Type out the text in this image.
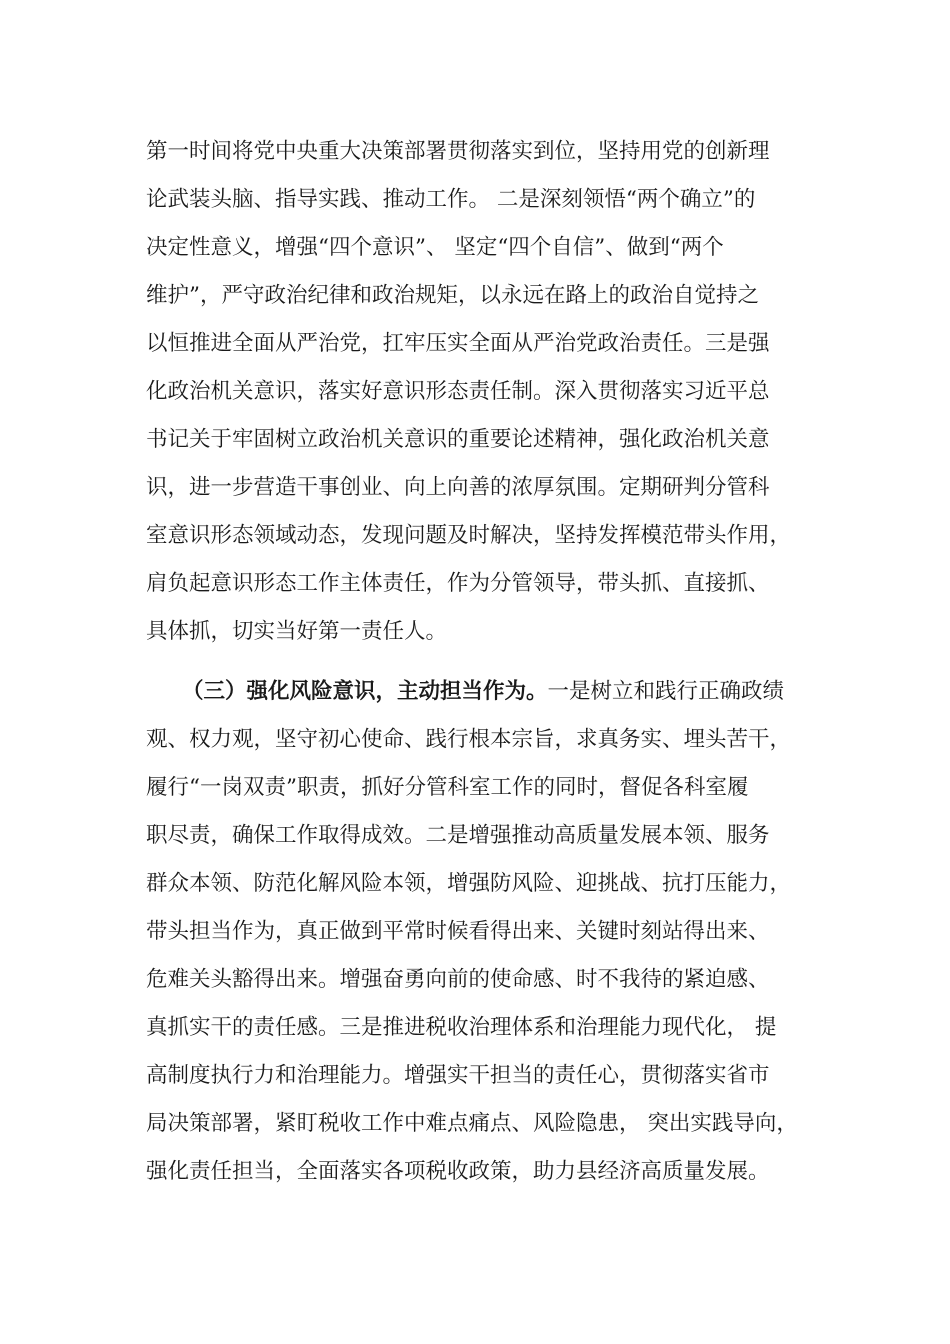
第一时间将党中央重大决策部署贯彻落实到位，坚持用党的创新理
论武装头脑、指导实践、推动工作。 二是深刻领悟“两个确立”的
决定性意义，增强“四个意识”、 坚定“四个自信”、做到“两个
维护”，严守政治纪律和政治规矩，以永远在路上的政治自觉持之
以恒推进全面从严治党，扛牢压实全面从严治党政治责任。三是强
化政治机关意识，落实好意识形态责任制。深入贯彻落实习近平总
书记关于牢固树立政治机关意识的重要论述精神，强化政治机关意
识，进一步营造干事创业、向上向善的浓厚氛围。定期研判分管科
室意识形态领域动态，发现问题及时解决，坚持发挥模范带头作用，
肩负起意识形态工作主体责任，作为分管领导，带头抓、直接抓、
具体抓，切实当好第一责任人。
（三）强化风险意识，主动担当作为。一是树立和践行正确政绩
观、权力观，坚守初心使命、践行根本宗旨，求真务实、埋头苦干，
履行“一岗双责”职责，抓好分管科室工作的同时，督促各科室履
职尽责，确保工作取得成效。二是增强推动高质量发展本领、服务
群众本领、防范化解风险本领，增强防风险、迎挑战、抗打压能力，
带头担当作为，真正做到平常时候看得出来、关键时刻站得出来、
危难关头豁得出来。增强奋勇向前的使命感、时不我待的紧迫感、
真抓实干的责任感。三是推进税收治理体系和治理能力现代化， 提
高制度执行力和治理能力。增强实干担当的责任心，贯彻落实省市
局决策部署，紧盯税收工作中难点痛点、风险隐患， 突出实践导向，
强化责任担当，全面落实各项税收政策，助力县经济高质量发展。
